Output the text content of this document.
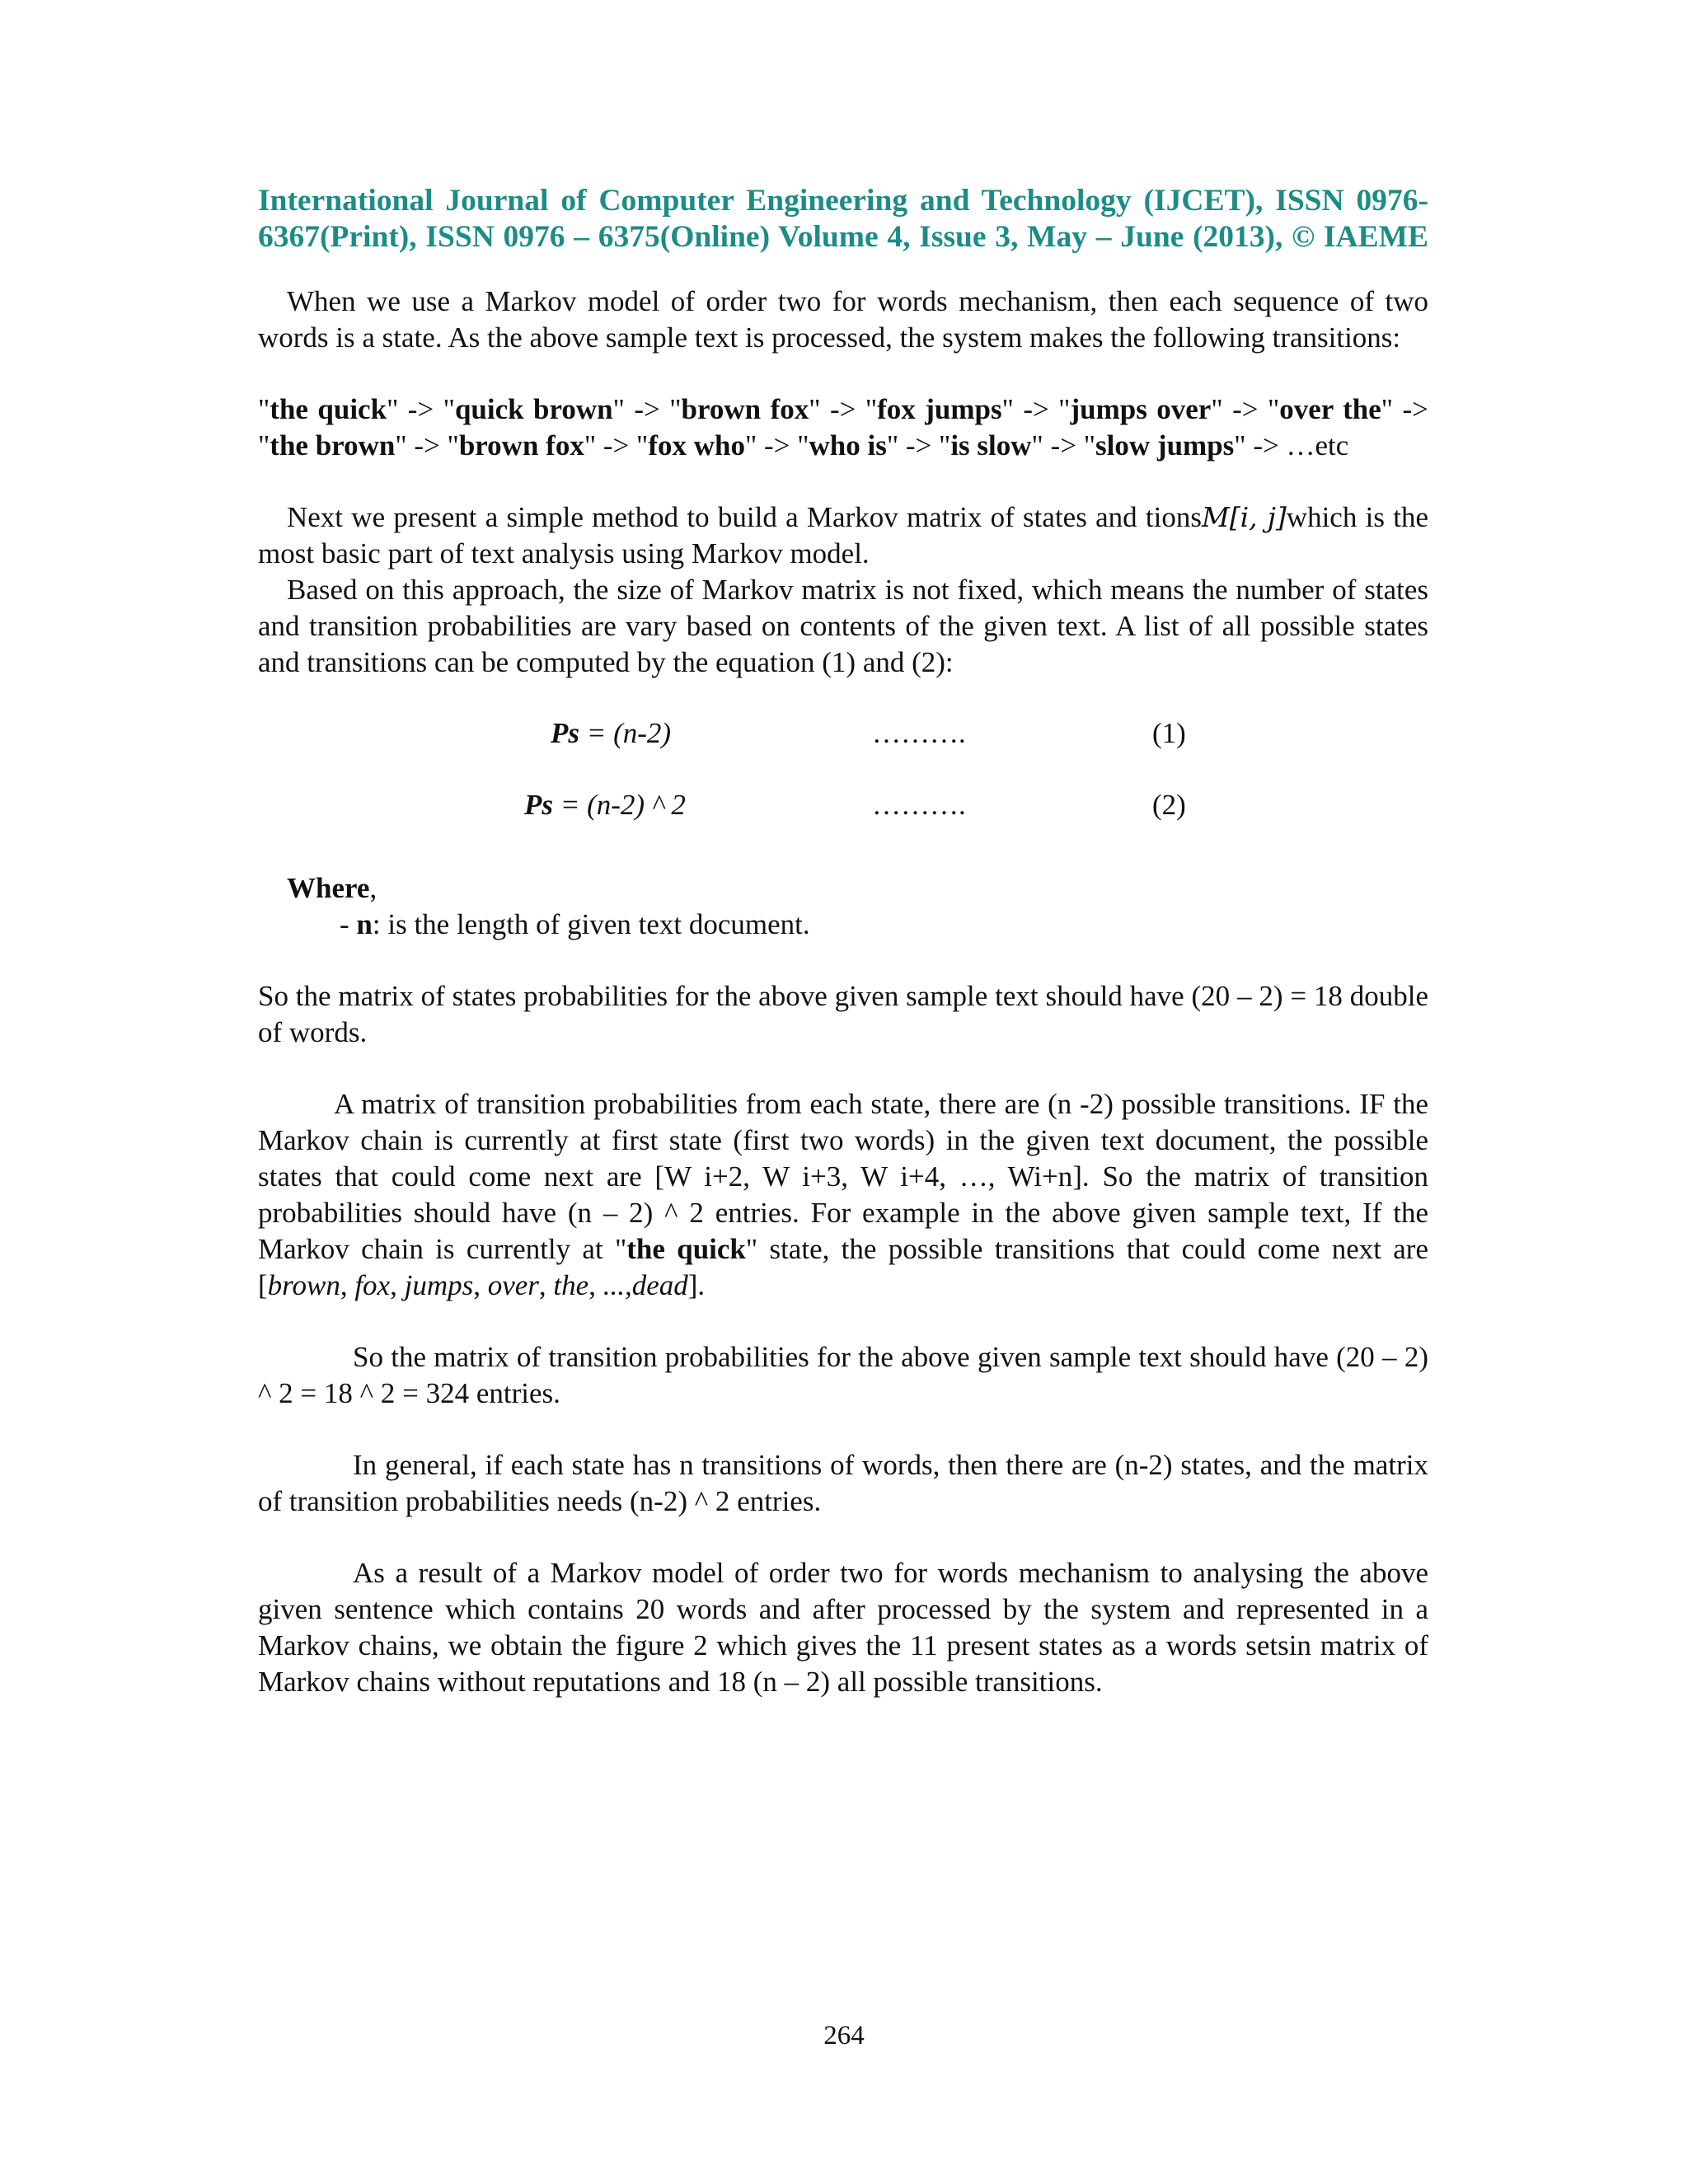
International Journal of Computer Engineering and Technology (IJCET), ISSN 0976-
6367(Print), ISSN 0976 – 6375(Online) Volume 4, Issue 3, May – June (2013), © IAEME

When we use a Markov model of order two for words mechanism, then each sequence of two words is a state. As the above sample text is processed, the system makes the following transitions:

"the quick" -> "quick brown" -> "brown fox" -> "fox jumps" -> "jumps over" -> "over the" -> "the brown" -> "brown fox" -> "fox who" -> "who is" -> "is slow" -> "slow jumps" -> …etc

Next we present a simple method to build a Markov matrix of states and tionsM[i, j]which is the most basic part of text analysis using Markov model.

Based on this approach, the size of Markov matrix is not fixed, which means the number of states and transition probabilities are vary based on contents of the given text. A list of all possible states and transitions can be computed by the equation (1) and (2):

Ps = (n-2)	……….	(1)
Ps = (n-2) ^ 2	……….	(2)
Where,
- n: is the length of given text document.

So the matrix of states probabilities for the above given sample text should have (20 – 2) = 18 double of words.

A matrix of transition probabilities from each state, there are (n -2) possible transitions. IF the Markov chain is currently at first state (first two words) in the given text document, the possible states that could come next are [W i+2, W i+3, W i+4, …, Wi+n]. So the matrix of transition probabilities should have (n – 2) ^ 2 entries. For example in the above given sample text, If the Markov chain is currently at "the quick" state, the possible transitions that could come next are [brown, fox, jumps, over, the, ...,dead].

So the matrix of transition probabilities for the above given sample text should have (20 – 2) ^ 2 = 18 ^ 2 = 324 entries.

In general, if each state has n transitions of words, then there are (n-2) states, and the matrix of transition probabilities needs (n-2) ^ 2 entries.

As a result of a Markov model of order two for words mechanism to analysing the above given sentence which contains 20 words and after processed by the system and represented in a Markov chains, we obtain the figure 2 which gives the 11 present states as a words setsin matrix of Markov chains without reputations and 18 (n – 2) all possible transitions.

264
